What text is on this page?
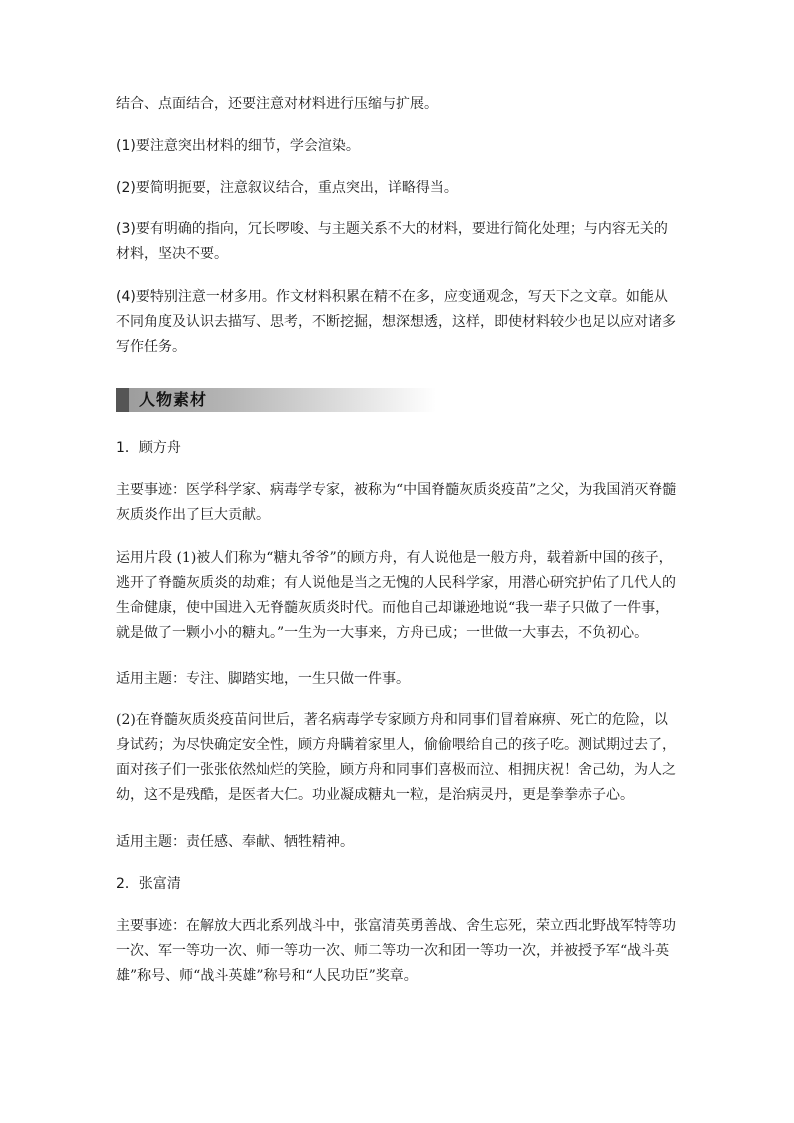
结合、点面结合，还要注意对材料进行压缩与扩展。

(1)要注意突出材料的细节，学会渲染。

(2)要简明扼要，注意叙议结合，重点突出，详略得当。

(3)要有明确的指向，冗长啰唆、与主题关系不大的材料，要进行简化处理；与内容无关的材料，坚决不要。

(4)要特别注意一材多用。作文材料积累在精不在多，应变通观念，写天下之文章。如能从不同角度及认识去描写、思考，不断挖掘，想深想透，这样，即使材料较少也足以应对诸多写作任务。

人物素材

1．顾方舟

主要事迹：医学科学家、病毒学专家，被称为“中国脊髓灰质炎疫苗”之父，为我国消灭脊髓灰质炎作出了巨大贡献。

运用片段 (1)被人们称为“糖丸爷爷”的顾方舟，有人说他是一般方舟，载着新中国的孩子，逃开了脊髓灰质炎的劫难；有人说他是当之无愧的人民科学家，用潜心研究护佑了几代人的生命健康，使中国进入无脊髓灰质炎时代。而他自己却谦逊地说“我一辈子只做了一件事，就是做了一颗小小的糖丸。”一生为一大事来，方舟已成；一世做一大事去，不负初心。

适用主题：专注、脚踏实地，一生只做一件事。

(2)在脊髓灰质炎疫苗问世后，著名病毒学专家顾方舟和同事们冒着麻痹、死亡的危险，以身试药；为尽快确定安全性，顾方舟瞒着家里人，偷偷喂给自己的孩子吃。测试期过去了，面对孩子们一张张依然灿烂的笑脸，顾方舟和同事们喜极而泣、相拥庆祝！舍己幼，为人之幼，这不是残酷，是医者大仁。功业凝成糖丸一粒，是治病灵丹，更是拳拳赤子心。

适用主题：责任感、奉献、牺牲精神。

2．张富清

主要事迹：在解放大西北系列战斗中，张富清英勇善战、舍生忘死，荣立西北野战军特等功一次、军一等功一次、师一等功一次、师二等功一次和团一等功一次，并被授予军“战斗英雄”称号、师“战斗英雄”称号和“人民功臣”奖章。
